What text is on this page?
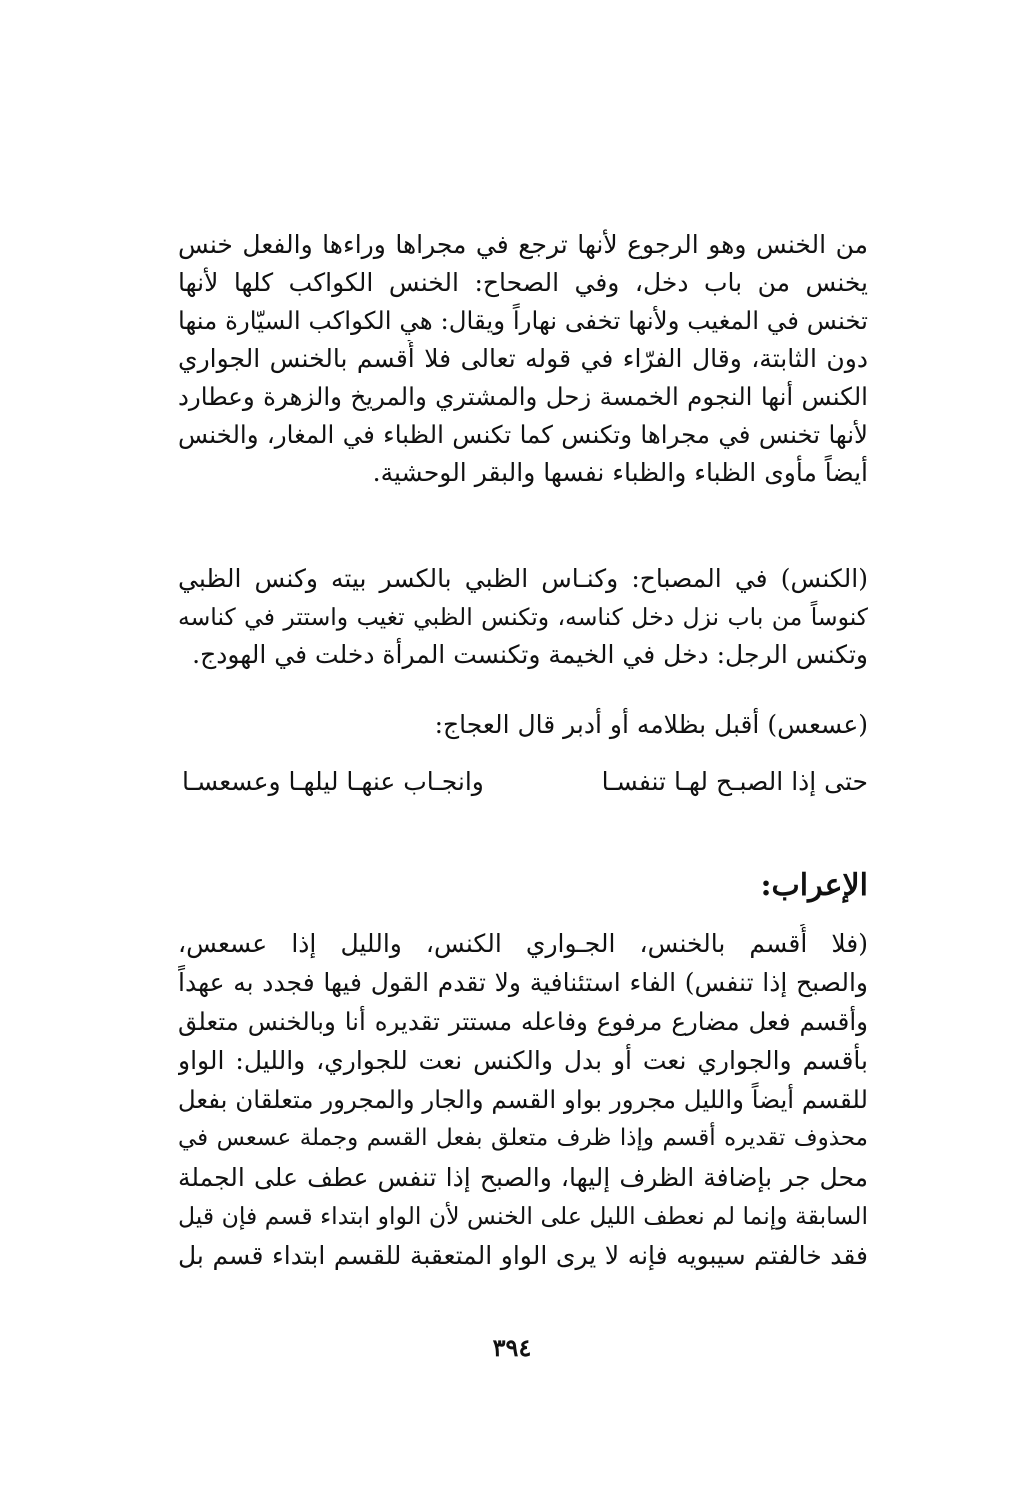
من الخنس وهو الرجوع لأنها ترجع في مجراها وراءها والفعل خنس
يخنس من باب دخل، وفي الصحاح: الخنس الكواكب كلها لأنها
تخنس في المغيب ولأنها تخفى نهاراً ويقال: هي الكواكب السيّارة منها
دون الثابتة، وقال الفرّاء في قوله تعالى فلا أُقسم بالخنس الجواري
الكنس أنها النجوم الخمسة زحل والمشتري والمريخ والزهرة وعطارد
لأنها تخنس في مجراها وتكنس كما تكنس الظباء في المغار، والخنس
أيضاً مأوى الظباء والظباء نفسها والبقر الوحشية.
(الكنس) في المصباح: وكنـاس الظبي بالكسر بيته وكنس الظبي
كنوساً من باب نزل دخل كناسه، وتكنس الظبي تغيب واستتر في كناسه
وتكنس الرجل: دخل في الخيمة وتكنست المرأة دخلت في الهودج.
(عسعس) أقبل بظلامه أو أدبر قال العجاج:
حتى إذا الصبـح لهـا تنفسـا
وانجـاب عنهـا ليلهـا وعسعسـا
الإعراب:
(فلا أُقسم بالخنس، الجـواري الكنس، والليل إذا عسعس،
والصبح إذا تنفس) الفاء استئنافية ولا تقدم القول فيها فجدد به عهداً
وأقسم فعل مضارع مرفوع وفاعله مستتر تقديره أنا وبالخنس متعلق
بأقسم والجواري نعت أو بدل والكنس نعت للجواري، والليل: الواو
للقسم أيضاً والليل مجرور بواو القسم والجار والمجرور متعلقان بفعل
محذوف تقديره أقسم وإذا ظرف متعلق بفعل القسم وجملة عسعس في
محل جر بإضافة الظرف إليها، والصبح إذا تنفس عطف على الجملة
السابقة وإنما لم نعطف الليل على الخنس لأن الواو ابتداء قسم فإن قيل
فقد خالفتم سيبويه فإنه لا يرى الواو المتعقبة للقسم ابتداء قسم بل
٣٩٤
